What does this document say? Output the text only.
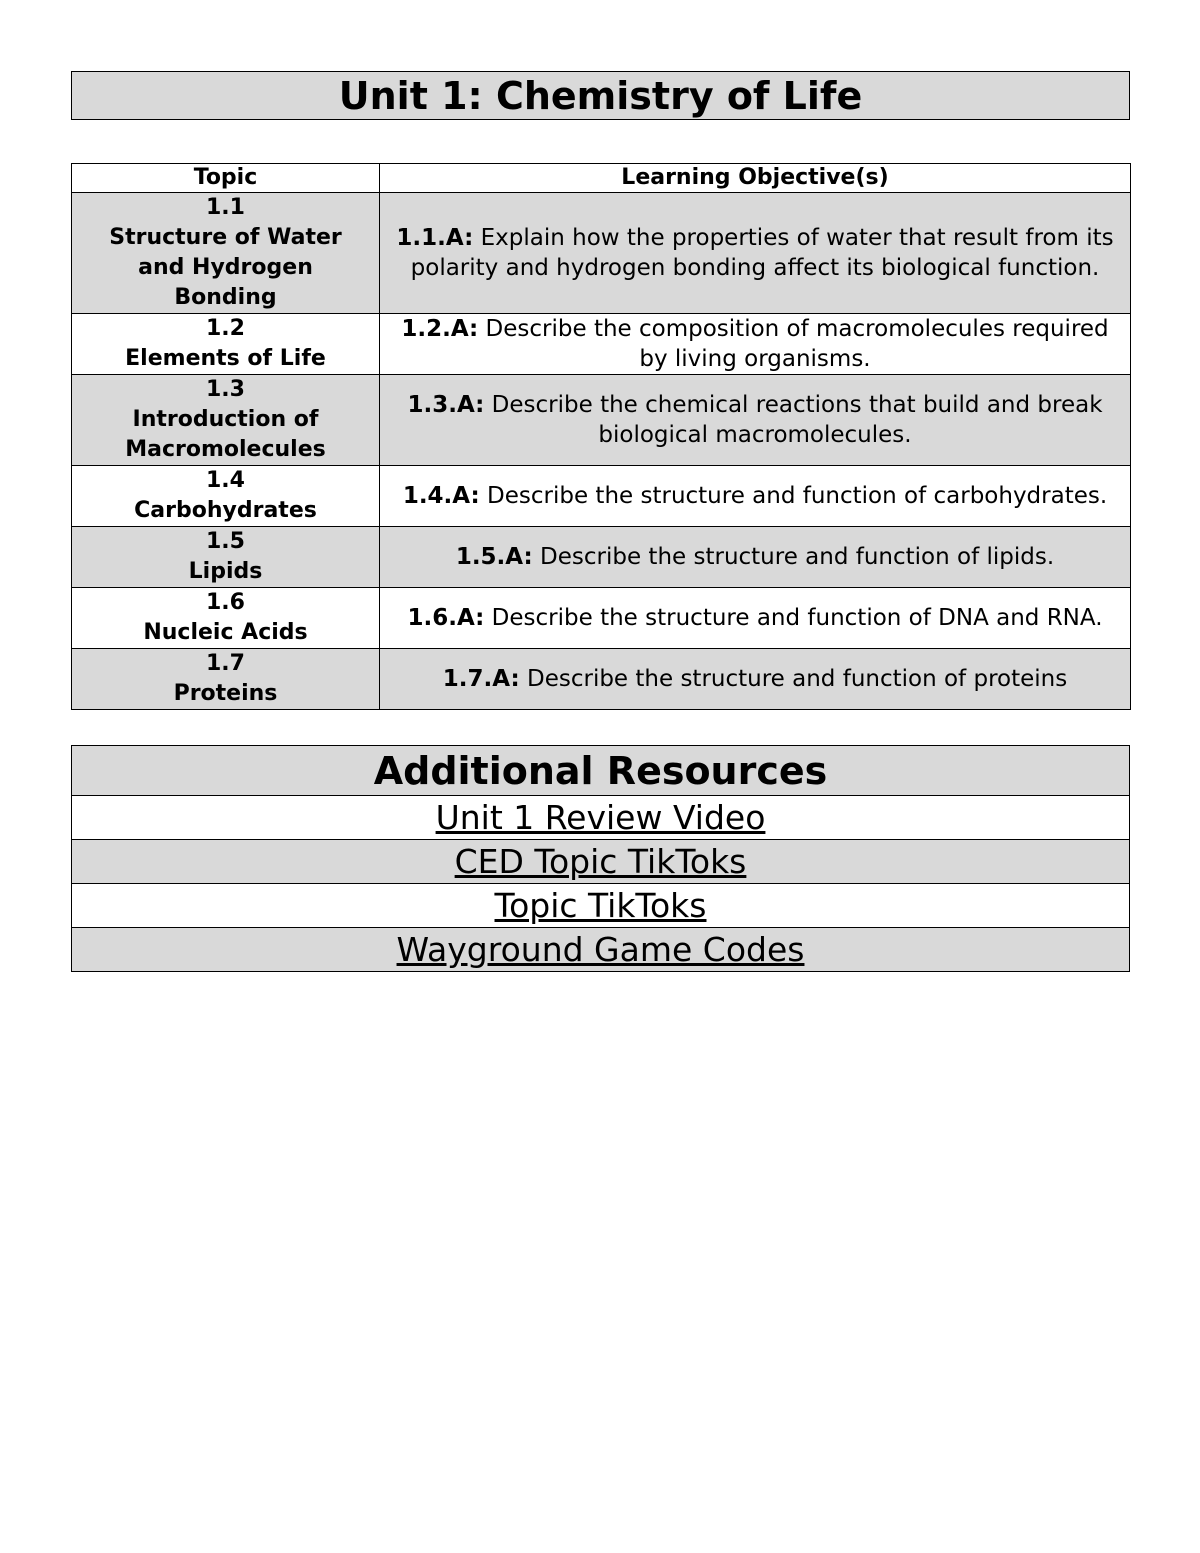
Unit 1: Chemistry of Life
Topic	Learning Objective(s)

1.1
Structure of Water and Hydrogen Bonding	1.1.A: Explain how the properties of water that result from its polarity and hydrogen bonding affect its biological function.

1.2
Elements of Life	1.2.A: Describe the composition of macromolecules required by living organisms.

1.3
Introduction of Macromolecules	1.3.A: Describe the chemical reactions that build and break biological macromolecules.

1.4
Carbohydrates	1.4.A: Describe the structure and function of carbohydrates.

1.5
Lipids	1.5.A: Describe the structure and function of lipids.

1.6
Nucleic Acids	1.6.A: Describe the structure and function of DNA and RNA.

1.7
Proteins	1.7.A: Describe the structure and function of proteins
Additional Resources
Unit 1 Review Video
CED Topic TikToks
Topic TikToks
Wayground Game Codes
